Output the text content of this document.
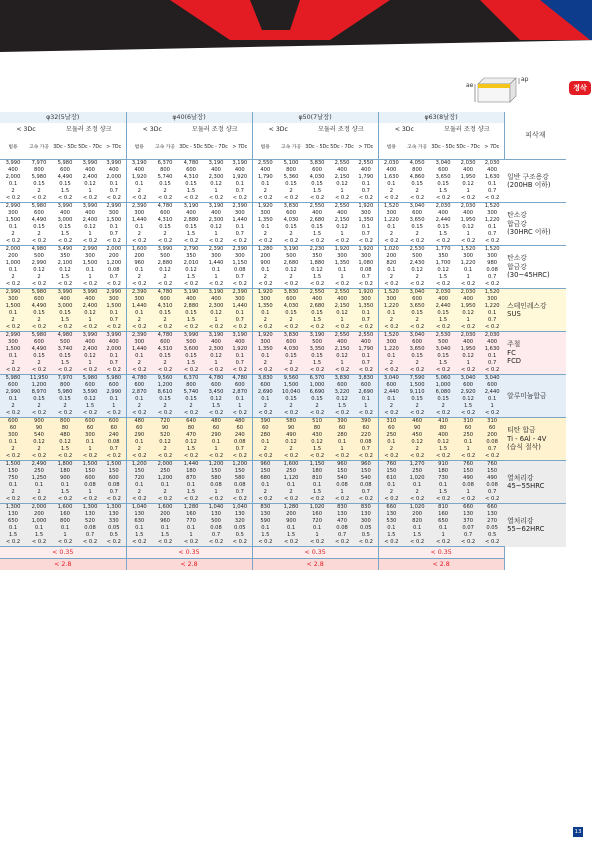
ae
ap
정삭
φ32(5날장)					φ40(6날장)					φ50(7날장)					φ63(8날장)					피삭재
< 3Dc		모듈러 조정 샹크			< 3Dc		모듈러 조정 샹크			< 3Dc		모듈러 조정 샹크			< 3Dc		모듈러 조정 샹크			
범용	고속 가공	3Dc - 5Dc	5Dc - 7Dc	> 7Dc	범용	고속 가공	3Dc - 5Dc	5Dc - 7Dc	> 7Dc	범용	고속 가공	3Dc - 5Dc	5Dc - 7Dc	> 7Dc	범용	고속 가공	3Dc - 5Dc	5Dc - 7Dc	> 7Dc	
3,990	7,970	5,980	3,990	3,990	3,190	6,370	4,780	3,190	3,190	2,550	5,100	3,830	2,550	2,550	2,030	4,050	3,040	2,030	2,030	일반 구조용강
(200HB 이하)

400	800	600	400	400	400	800	600	400	400	400	800	600	400	400	400	800	600	400	400	
2,000	5,980	4,490	2,400	2,000	1,920	5,740	4,310	2,300	1,920	1,790	5,360	4,030	2,150	1,790	1,630	4,860	3,650	1,950	1,630	
0.1	0.15	0.15	0.12	0.1	0.1	0.15	0.15	0.12	0.1	0.1	0.15	0.15	0.12	0.1	0.1	0.15	0.15	0.12	0.1	
2	2	1.5	1	0.7	2	2	1.5	1	0.7	2	2	1.5	1	0.7	2	2	1.5	1	0.7	
< 0.2	< 0.2	< 0.2	< 0.2	< 0.2	< 0.2	< 0.2	< 0.2	< 0.2	< 0.2	< 0.2	< 0.2	< 0.2	< 0.2	< 0.2	< 0.2	< 0.2	< 0.2	< 0.2	< 0.2	
2,990	5,980	3,990	3,990	2,990	2,390	4,780	3,190	3,190	2,390	1,920	3,830	2,550	2,550	1,920	1,520	3,040	2,030	2,030	1,520	탄소강
합금강
(30HRC 이하)

300	600	400	400	300	300	600	400	400	300	300	600	400	400	300	300	600	400	400	300	
1,500	4,490	3,000	2,400	1,500	1,440	4,310	2,880	2,300	1,440	1,350	4,030	2,680	2,150	1,350	1,220	3,650	2,440	1,950	1,220	
0.1	0.15	0.15	0.12	0.1	0.1	0.15	0.15	0.12	0.1	0.1	0.15	0.15	0.12	0.1	0.1	0.15	0.15	0.12	0.1	
2	2	1.5	1	0.7	2	2	1.5	1	0.7	2	2	1.5	1	0.7	2	2	1.5	1	0.7	
< 0.2	< 0.2	< 0.2	< 0.2	< 0.2	< 0.2	< 0.2	< 0.2	< 0.2	< 0.2	< 0.2	< 0.2	< 0.2	< 0.2	< 0.2	< 0.2	< 0.2	< 0.2	< 0.2	< 0.2	
2,000	4,980	3,490	2,990	2,000	1,600	3,990	2,790	2,390	2,390	1,280	3,190	2,230	1,920	1,920	1,020	2,530	1,770	1,520	1,520	탄소강
합금강
(30~45HRC)

200	500	350	300	200	200	500	350	300	300	200	500	350	300	300	200	500	350	300	300	
1,000	2,990	2,100	1,500	1,200	960	2,880	2,010	1,440	1,150	900	2,680	1,880	1,350	1,080	820	2,430	1,700	1,220	980	
0.1	0.12	0.12	0.1	0.08	0.1	0.12	0.12	0.1	0.08	0.1	0.12	0.12	0.1	0.08	0.1	0.12	0.12	0.1	0.08	
2	2	1.5	1	0.7	2	2	1.5	1	0.7	2	2	1.5	1	0.7	2	2	1.5	1	0.7	
< 0.2	< 0.2	< 0.2	< 0.2	< 0.2	< 0.2	< 0.2	< 0.2	< 0.2	< 0.2	< 0.2	< 0.2	< 0.2	< 0.2	< 0.2	< 0.2	< 0.2	< 0.2	< 0.2	< 0.2	
2,990	5,980	3,990	3,990	2,990	2,390	4,780	3,190	3,190	2,390	1,920	3,830	2,550	2,550	1,920	1,520	3,040	2,030	2,030	1,520	스테인레스강
SUS

300	600	400	400	300	300	600	400	400	300	300	600	400	400	300	300	600	400	400	300	
1,500	4,490	3,000	2,400	1,500	1,440	4,310	2,880	2,300	1,440	1,350	4,030	2,680	2,150	1,350	1,220	3,650	2,440	1,950	1,220	
0.1	0.15	0.15	0.12	0.1	0.1	0.15	0.15	0.12	0.1	0.1	0.15	0.15	0.12	0.1	0.1	0.15	0.15	0.12	0.1	
2	2	1.5	1	0.7	2	2	1.5	1	0.7	2	2	1.5	1	0.7	2	2	1.5	1	0.7	
< 0.2	< 0.2	< 0.2	< 0.2	< 0.2	< 0.2	< 0.2	< 0.2	< 0.2	< 0.2	< 0.2	< 0.2	< 0.2	< 0.2	< 0.2	< 0.2	< 0.2	< 0.2	< 0.2	< 0.2	
2,990	5,980	4,980	3,990	3,990	2,390	4,780	3,990	3,190	3,190	1,920	3,830	3,190	2,550	2,550	1,520	3,040	2,530	2,030	2,030	주철
FC
FCD

300	600	500	400	400	300	600	500	400	400	300	600	500	400	400	300	600	500	400	400	
1,500	4,490	3,740	2,400	2,000	1,440	4,310	3,600	2,300	1,920	1,350	4,030	3,350	2,150	1,790	1,220	3,650	3,040	1,950	1,630	
0.1	0.15	0.15	0.12	0.1	0.1	0.15	0.15	0.12	0.1	0.1	0.15	0.15	0.12	0.1	0.1	0.15	0.15	0.12	0.1	
2	2	1.5	1	0.7	2	2	1.5	1	0.7	2	2	1.5	1	0.7	2	2	1.5	1	0.7	
< 0.2	< 0.2	< 0.2	< 0.2	< 0.2	< 0.2	< 0.2	< 0.2	< 0.2	< 0.2	< 0.2	< 0.2	< 0.2	< 0.2	< 0.2	< 0.2	< 0.2	< 0.2	< 0.2	< 0.2	
5,980	11,950	7,970	5,980	5,980	4,780	9,560	6,370	4,780	4,780	3,830	9,560	6,370	3,830	3,830	3,040	7,590	5,060	3,040	3,040	알루미늄합금

600	1,200	800	600	600	600	1,200	800	600	600	600	1,500	1,000	600	600	600	1,500	1,000	600	600	
2,990	8,970	5,980	3,590	2,990	2,870	8,610	5,740	3,450	2,870	2,690	10,040	6,690	3,220	2,690	2,440	9,110	6,080	2,920	2,440	
0.1	0.15	0.15	0.12	0.1	0.1	0.15	0.15	0.12	0.1	0.1	0.15	0.15	0.12	0.1	0.1	0.15	0.15	0.12	0.1	
2	2	2	1.5	1	2	2	2	1.5	1	2	2	2	1.5	1	2	2	2	1.5	1	
< 0.2	< 0.2	< 0.2	< 0.2	< 0.2	< 0.2	< 0.2	< 0.2	< 0.2	< 0.2	< 0.2	< 0.2	< 0.2	< 0.2	< 0.2	< 0.2	< 0.2	< 0.2	< 0.2	< 0.2	
600	900	800	600	600	480	720	640	480	480	390	580	510	390	390	310	460	410	310	310	티탄 합금
Ti - 6Al - 4V
(습식 절삭)

60	90	80	60	60	60	90	80	60	60	60	90	80	60	60	60	90	80	60	60	
300	540	480	300	240	290	520	470	290	240	280	490	430	280	220	250	450	400	250	200	
0.1	0.12	0.12	0.1	0.08	0.1	0.12	0.12	0.1	0.08	0.1	0.12	0.12	0.1	0.08	0.1	0.12	0.12	0.1	0.08	
2	2	1.5	1	0.7	2	2	1.5	1	0.7	2	2	1.5	1	0.7	2	2	1.5	1	0.7	
< 0.2	< 0.2	< 0.2	< 0.2	< 0.2	< 0.2	< 0.2	< 0.2	< 0.2	< 0.2	< 0.2	< 0.2	< 0.2	< 0.2	< 0.2	< 0.2	< 0.2	< 0.2	< 0.2	< 0.2	
1,500	2,490	1,800	1,500	1,500	1,200	2,000	1,440	1,200	1,200	960	1,600	1,150	960	960	760	1,270	910	760	760	열처리강
45~55HRC

150	250	180	150	150	150	250	180	150	150	150	250	180	150	150	150	250	180	150	150	
750	1,250	900	600	600	720	1,200	870	580	580	680	1,120	810	540	540	610	1,020	730	490	490	
0.1	0.1	0.1	0.08	0.08	0.1	0.1	0.1	0.08	0.08	0.1	0.1	0.1	0.08	0.08	0.1	0.1	0.1	0.08	0.08	
2	2	1.5	1	0.7	2	2	1.5	1	0.7	2	2	1.5	1	0.7	2	2	1.5	1	0.7	
< 0.2	< 0.2	< 0.2	< 0.2	< 0.2	< 0.2	< 0.2	< 0.2	< 0.2	< 0.2	< 0.2	< 0.2	< 0.2	< 0.2	< 0.2	< 0.2	< 0.2	< 0.2	< 0.2	< 0.2	
1,300	2,000	1,600	1,300	1,300	1,040	1,600	1,280	1,040	1,040	830	1,280	1,020	830	830	660	1,020	810	660	660	열처리강
55~62HRC

130	200	160	130	130	130	200	160	130	130	130	200	160	130	130	130	200	160	130	130	
650	1,000	800	520	330	630	960	770	500	320	590	900	720	470	300	530	820	650	370	270	
0.1	0.1	0.1	0.08	0.05	0.1	0.1	0.1	0.08	0.05	0.1	0.1	0.1	0.08	0.05	0.1	0.1	0.1	0.07	0.05	
1.5	1.5	1	0.7	0.5	1.5	1.5	1	0.7	0.5	1.5	1.5	1	0.7	0.5	1.5	1.5	1	0.7	0.5	
< 0.2	< 0.2	< 0.2	< 0.2	< 0.2	< 0.2	< 0.2	< 0.2	< 0.2	< 0.2	< 0.2	< 0.2	< 0.2	< 0.2	< 0.2	< 0.2	< 0.2	< 0.2	< 0.2	< 0.2	
< 0.35					< 0.35					< 0.35					< 0.35					
< 2.8					< 2.8					< 2.8					< 2.8					
13
